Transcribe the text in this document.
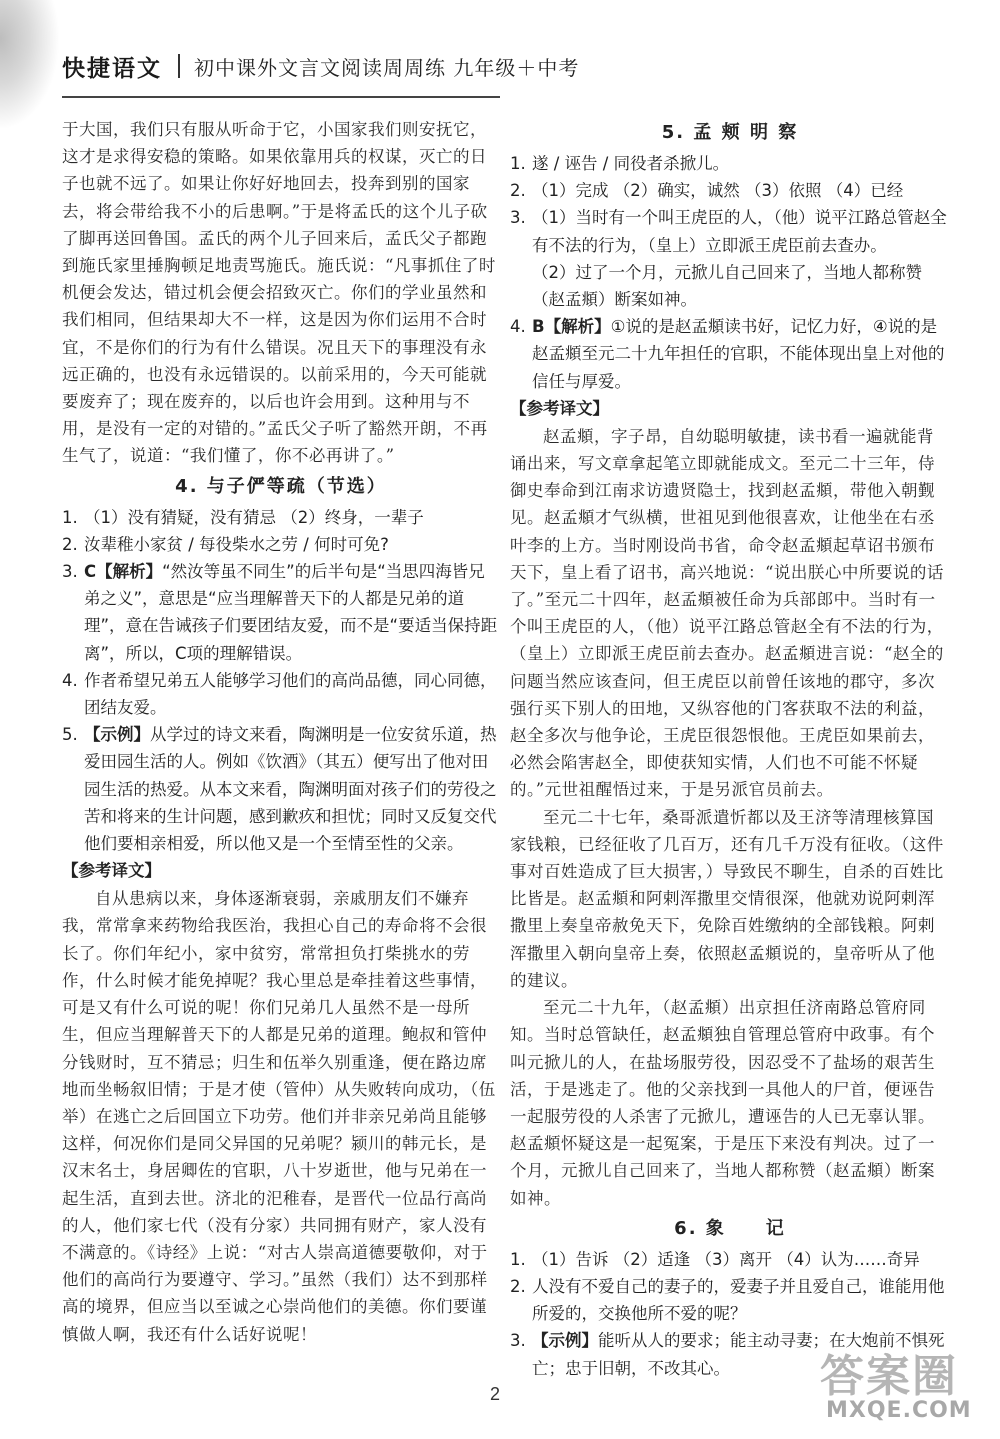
快捷语文 初中课外文言文阅读周周练 九年级＋中考

于大国，我们只有服从听命于它，小国家我们则安抚它，这才是求得安稳的策略。如果依靠用兵的权谋，灭亡的日子也就不远了。如果让你好好地回去，投奔到别的国家去，将会带给我不小的后患啊。”于是将孟氏的这个儿子砍了脚再送回鲁国。孟氏的两个儿子回来后，孟氏父子都跑到施氏家里捶胸顿足地责骂施氏。施氏说：“凡事抓住了时机便会发达，错过机会便会招致灭亡。你们的学业虽然和我们相同，但结果却大不一样，这是因为你们运用不合时宜，不是你们的行为有什么错误。况且天下的事理没有永远正确的，也没有永远错误的。以前采用的，今天可能就要废弃了；现在废弃的，以后也许会用到。这种用与不用，是没有一定的对错的。”孟氏父子听了豁然开朗，不再生气了，说道：“我们懂了，你不必再讲了。”

4. 与子俨等疏（节选）
1. （1）没有猜疑，没有猜忌 （2）终身，一辈子
2. 汝辈稚小家贫 / 每役柴水之劳 / 何时可免?
3. C【解析】“然汝等虽不同生”的后半句是“当思四海皆兄弟之义”，意思是“应当理解普天下的人都是兄弟的道理”，意在告诫孩子们要团结友爱，而不是“要适当保持距离”，所以，C项的理解错误。
4. 作者希望兄弟五人能够学习他们的高尚品德，同心同德，团结友爱。
5. 【示例】从学过的诗文来看，陶渊明是一位安贫乐道，热爱田园生活的人。例如《饮酒》（其五）便写出了他对田园生活的热爱。从本文来看，陶渊明面对孩子们的劳役之苦和将来的生计问题，感到歉疚和担忧；同时又反复交代他们要相亲相爱，所以他又是一个至情至性的父亲。
【参考译文】

自从患病以来，身体逐渐衰弱，亲戚朋友们不嫌弃我，常常拿来药物给我医治，我担心自己的寿命将不会很长了。你们年纪小，家中贫穷，常常担负打柴挑水的劳作，什么时候才能免掉呢？我心里总是牵挂着这些事情，可是又有什么可说的呢！你们兄弟几人虽然不是一母所生，但应当理解普天下的人都是兄弟的道理。鲍叔和管仲分钱财时，互不猜忌；归生和伍举久别重逢，便在路边席地而坐畅叙旧情；于是才使（管仲）从失败转向成功，（伍举）在逃亡之后回国立下功劳。他们并非亲兄弟尚且能够这样，何况你们是同父异国的兄弟呢？颍川的韩元长，是汉末名士，身居卿佐的官职，八十岁逝世，他与兄弟在一起生活，直到去世。济北的汜稚春，是晋代一位品行高尚的人，他们家七代（没有分家）共同拥有财产，家人没有不满意的。《诗经》上说：“对古人崇高道德要敬仰，对于他们的高尚行为要遵守、学习。”虽然（我们）达不到那样高的境界，但应当以至诚之心崇尚他们的美德。你们要谨慎做人啊，我还有什么话好说呢！

5. 孟 颊 明 察
1. 遂 / 诬告 / 同役者杀掀儿。
2. （1）完成 （2）确实，诚然 （3）依照 （4）已经
3. （1）当时有一个叫王虎臣的人，（他）说平江路总管赵全有不法的行为，（皇上）立即派王虎臣前去查办。
（2）过了一个月，元掀儿自己回来了，当地人都称赞（赵孟頫）断案如神。
4. B【解析】①说的是赵孟頫读书好，记忆力好，④说的是赵孟頫至元二十九年担任的官职，不能体现出皇上对他的信任与厚爱。
【参考译文】

赵孟頫，字子昂，自幼聪明敏捷，读书看一遍就能背诵出来，写文章拿起笔立即就能成文。至元二十三年，侍御史奉命到江南求访遗贤隐士，找到赵孟頫，带他入朝觐见。赵孟頫才气纵横，世祖见到他很喜欢，让他坐在右丞叶李的上方。当时刚设尚书省，命令赵孟頫起草诏书颁布天下，皇上看了诏书，高兴地说：“说出朕心中所要说的话了。”至元二十四年，赵孟頫被任命为兵部郎中。当时有一个叫王虎臣的人，（他）说平江路总管赵全有不法的行为，（皇上）立即派王虎臣前去查办。赵孟頫进言说：“赵全的问题当然应该查问，但王虎臣以前曾任该地的郡守，多次强行买下别人的田地，又纵容他的门客获取不法的利益，赵全多次与他争论，王虎臣很怨恨他。王虎臣如果前去，必然会陷害赵全，即使获知实情，人们也不可能不怀疑的。”元世祖醒悟过来，于是另派官员前去。

至元二十七年，桑哥派遣忻都以及王济等清理核算国家钱粮，已经征收了几百万，还有几千万没有征收。（这件事对百姓造成了巨大损害，）导致民不聊生，自杀的百姓比比皆是。赵孟頫和阿剌浑撒里交情很深，他就劝说阿剌浑撒里上奏皇帝赦免天下，免除百姓缴纳的全部钱粮。阿剌浑撒里入朝向皇帝上奏，依照赵孟頫说的，皇帝听从了他的建议。

至元二十九年，（赵孟頫）出京担任济南路总管府同知。当时总管缺任，赵孟頫独自管理总管府中政事。有个叫元掀儿的人，在盐场服劳役，因忍受不了盐场的艰苦生活，于是逃走了。他的父亲找到一具他人的尸首，便诬告一起服劳役的人杀害了元掀儿，遭诬告的人已无辜认罪。赵孟頫怀疑这是一起冤案，于是压下来没有判决。过了一个月，元掀儿自己回来了，当地人都称赞（赵孟頫）断案如神。

6. 象　　记
1. （1）告诉 （2）适逢 （3）离开 （4）认为……奇异
2. 人没有不爱自己的妻子的，爱妻子并且爱自己，谁能用他所爱的，交换他所不爱的呢？
3. 【示例】能听从人的要求；能主动寻妻；在大炮前不惧死亡；忠于旧朝，不改其心。
2	答案圈
MXQE.COM
